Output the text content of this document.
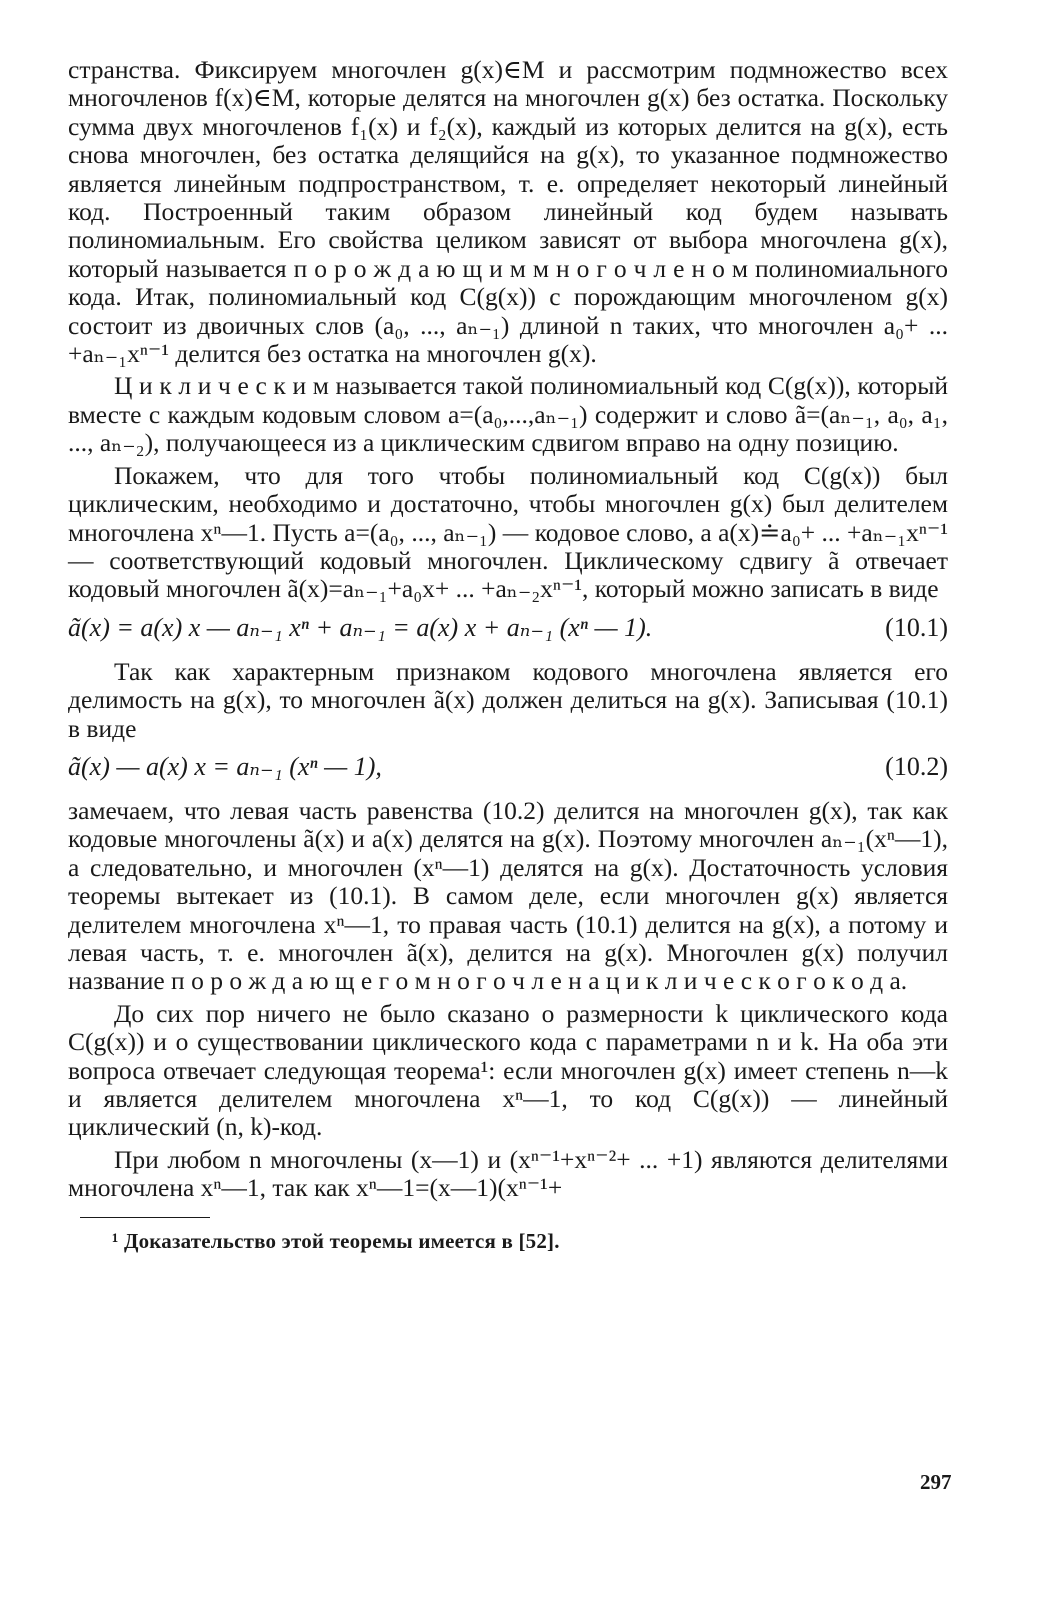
странства. Фиксируем многочлен g(x)∈M и рассмотрим подмножество всех многочленов f(x)∈M, которые делятся на многочлен g(x) без остатка. Поскольку сумма двух многочленов f₁(x) и f₂(x), каждый из которых делится на g(x), есть снова многочлен, без остатка делящийся на g(x), то указанное подмножество является линейным подпространством, т. е. определяет некоторый линейный код. Построенный таким образом линейный код будем называть полиномиальным. Его свойства целиком зависят от выбора многочлена g(x), который называется п о р о ж д а ю щ и м м н о г о ч л е н о м полиномиального кода. Итак, полиномиальный код C(g(x)) с порождающим многочленом g(x) состоит из двоичных слов (a₀, ..., aₙ₋₁) длиной n таких, что многочлен a₀+ ... +aₙ₋₁xⁿ⁻¹ делится без остатка на многочлен g(x).

Ц и к л и ч е с к и м называется такой полиномиальный код C(g(x)), который вместе с каждым кодовым словом a=(a₀,...,aₙ₋₁) содержит и слово ã=(aₙ₋₁, a₀, a₁, ..., aₙ₋₂), получающееся из a циклическим сдвигом вправо на одну позицию.

Покажем, что для того чтобы полиномиальный код C(g(x)) был циклическим, необходимо и достаточно, чтобы многочлен g(x) был делителем многочлена xⁿ—1. Пусть a=(a₀, ..., aₙ₋₁) — кодовое слово, а a(x)≐a₀+ ... +aₙ₋₁xⁿ⁻¹ — соответствующий кодовый многочлен. Циклическому сдвигу ã отвечает кодовый многочлен ã(x)=aₙ₋₁+a₀x+ ... +aₙ₋₂xⁿ⁻¹, который можно записать в виде

ã(x) = a(x) x — aₙ₋₁ xⁿ + aₙ₋₁ = a(x) x + aₙ₋₁ (xⁿ — 1).	(10.1)

Так как характерным признаком кодового многочлена является его делимость на g(x), то многочлен ã(x) должен делиться на g(x). Записывая (10.1) в виде

ã(x) — a(x) x = aₙ₋₁ (xⁿ — 1),	(10.2)

замечаем, что левая часть равенства (10.2) делится на многочлен g(x), так как кодовые многочлены ã(x) и a(x) делятся на g(x). Поэтому многочлен aₙ₋₁(xⁿ—1), а следовательно, и многочлен (xⁿ—1) делятся на g(x). Достаточность условия теоремы вытекает из (10.1). В самом деле, если многочлен g(x) является делителем многочлена xⁿ—1, то правая часть (10.1) делится на g(x), а потому и левая часть, т. е. многочлен ã(x), делится на g(x). Многочлен g(x) получил название п о р о ж д а ю щ е г о м н о г о ч л е н а ц и к л и ч е с к о г о к о д а.

До сих пор ничего не было сказано о размерности k циклического кода C(g(x)) и о существовании циклического кода с параметрами n и k. На оба эти вопроса отвечает следующая теорема¹: если многочлен g(x) имеет степень n—k и является делителем многочлена xⁿ—1, то код C(g(x)) — линейный циклический (n, k)-код.

При любом n многочлены (x—1) и (xⁿ⁻¹+xⁿ⁻²+ ... +1) являются делителями многочлена xⁿ—1, так как xⁿ—1=(x—1)(xⁿ⁻¹+

¹ Доказательство этой теоремы имеется в [52].
297
